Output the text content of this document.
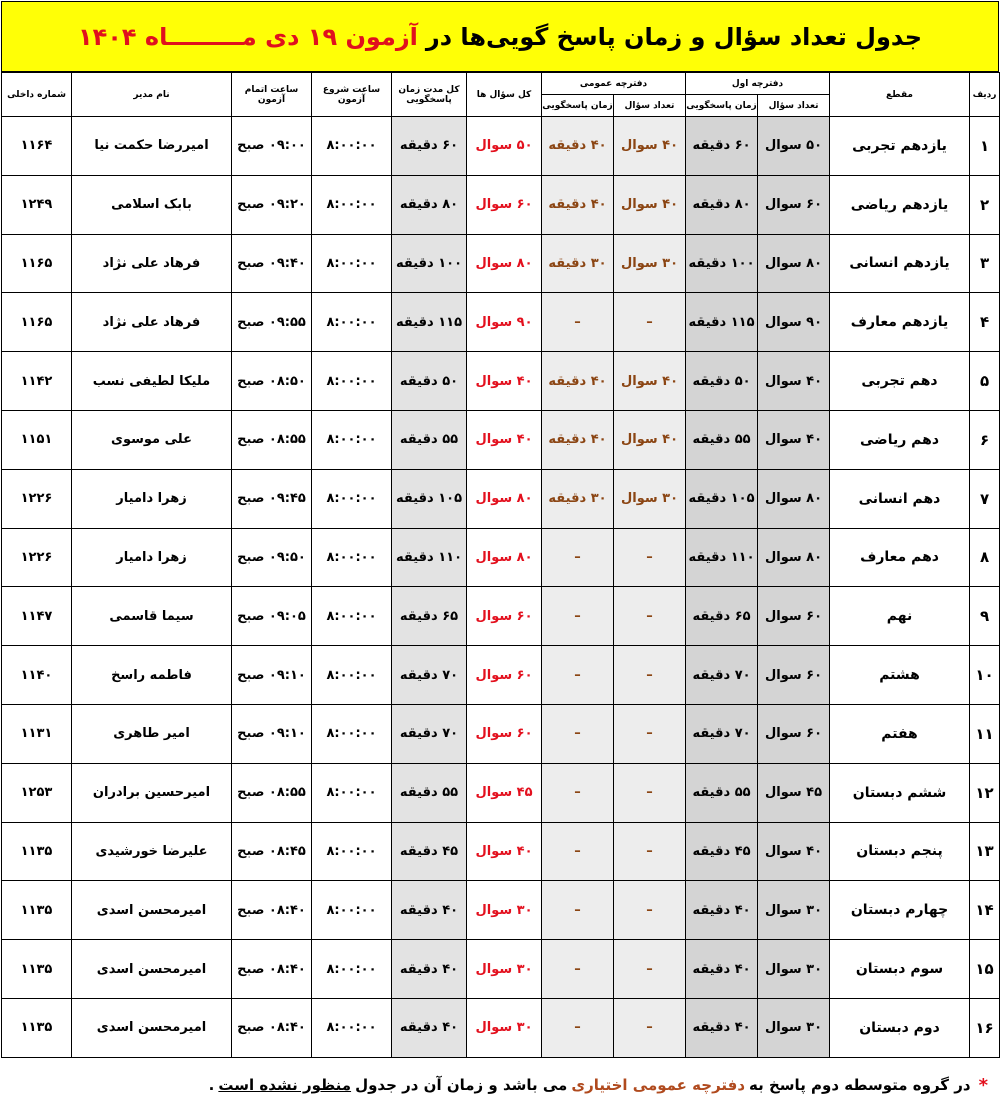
جدول تعداد سؤال و زمان پاسخ گویی‌ها در
آزمون ۱۹ دی مـــــــــاه ۱۴۰۴
ردیف	مقطع	دفترچه اول		دفترچه عمومی		کل سؤال ها	کل مدت زمان پاسخگویی	ساعت شروع آزمون	ساعت اتمام آزمون	نام مدیر	شماره داخلی
		تعداد سؤال	زمان پاسخگویی	تعداد سؤال	زمان پاسخگویی						
۱	یازدهم تجربی	۵۰ سوال	۶۰ دقیقه	۴۰ سوال	۴۰ دقیقه	۵۰ سوال	۶۰ دقیقه	۸:۰۰:۰۰	۰۹:۰۰ صبح	امیررضا حکمت نیا	۱۱۶۴
۲	یازدهم ریاضی	۶۰ سوال	۸۰ دقیقه	۴۰ سوال	۴۰ دقیقه	۶۰ سوال	۸۰ دقیقه	۸:۰۰:۰۰	۰۹:۲۰ صبح	بابک اسلامی	۱۲۴۹
۳	یازدهم انسانی	۸۰ سوال	۱۰۰ دقیقه	۳۰ سوال	۳۰ دقیقه	۸۰ سوال	۱۰۰ دقیقه	۸:۰۰:۰۰	۰۹:۴۰ صبح	فرهاد علی نژاد	۱۱۶۵
۴	یازدهم معارف	۹۰ سوال	۱۱۵ دقیقه	–	–	۹۰ سوال	۱۱۵ دقیقه	۸:۰۰:۰۰	۰۹:۵۵ صبح	فرهاد علی نژاد	۱۱۶۵
۵	دهم تجربی	۴۰ سوال	۵۰ دقیقه	۴۰ سوال	۴۰ دقیقه	۴۰ سوال	۵۰ دقیقه	۸:۰۰:۰۰	۰۸:۵۰ صبح	ملیکا لطیفی نسب	۱۱۴۲
۶	دهم ریاضی	۴۰ سوال	۵۵ دقیقه	۴۰ سوال	۴۰ دقیقه	۴۰ سوال	۵۵ دقیقه	۸:۰۰:۰۰	۰۸:۵۵ صبح	علی موسوی	۱۱۵۱
۷	دهم انسانی	۸۰ سوال	۱۰۵ دقیقه	۳۰ سوال	۳۰ دقیقه	۸۰ سوال	۱۰۵ دقیقه	۸:۰۰:۰۰	۰۹:۴۵ صبح	زهرا دامیار	۱۲۲۶
۸	دهم معارف	۸۰ سوال	۱۱۰ دقیقه	–	–	۸۰ سوال	۱۱۰ دقیقه	۸:۰۰:۰۰	۰۹:۵۰ صبح	زهرا دامیار	۱۲۲۶
۹	نهم	۶۰ سوال	۶۵ دقیقه	–	–	۶۰ سوال	۶۵ دقیقه	۸:۰۰:۰۰	۰۹:۰۵ صبح	سیما قاسمی	۱۱۴۷
۱۰	هشتم	۶۰ سوال	۷۰ دقیقه	–	–	۶۰ سوال	۷۰ دقیقه	۸:۰۰:۰۰	۰۹:۱۰ صبح	فاطمه راسخ	۱۱۴۰
۱۱	هفتم	۶۰ سوال	۷۰ دقیقه	–	–	۶۰ سوال	۷۰ دقیقه	۸:۰۰:۰۰	۰۹:۱۰ صبح	امیر طاهری	۱۱۳۱
۱۲	ششم دبستان	۴۵ سوال	۵۵ دقیقه	–	–	۴۵ سوال	۵۵ دقیقه	۸:۰۰:۰۰	۰۸:۵۵ صبح	امیرحسین برادران	۱۲۵۳
۱۳	پنجم دبستان	۴۰ سوال	۴۵ دقیقه	–	–	۴۰ سوال	۴۵ دقیقه	۸:۰۰:۰۰	۰۸:۴۵ صبح	علیرضا خورشیدی	۱۱۳۵
۱۴	چهارم دبستان	۳۰ سوال	۴۰ دقیقه	–	–	۳۰ سوال	۴۰ دقیقه	۸:۰۰:۰۰	۰۸:۴۰ صبح	امیرمحسن اسدی	۱۱۳۵
۱۵	سوم دبستان	۳۰ سوال	۴۰ دقیقه	–	–	۳۰ سوال	۴۰ دقیقه	۸:۰۰:۰۰	۰۸:۴۰ صبح	امیرمحسن اسدی	۱۱۳۵
۱۶	دوم دبستان	۳۰ سوال	۴۰ دقیقه	–	–	۳۰ سوال	۴۰ دقیقه	۸:۰۰:۰۰	۰۸:۴۰ صبح	امیرمحسن اسدی	۱۱۳۵
*
در گروه متوسطه دوم پاسخ به
دفترچه عمومی اختیاری
می باشد و زمان آن در جدول
منظور نشده است
.
